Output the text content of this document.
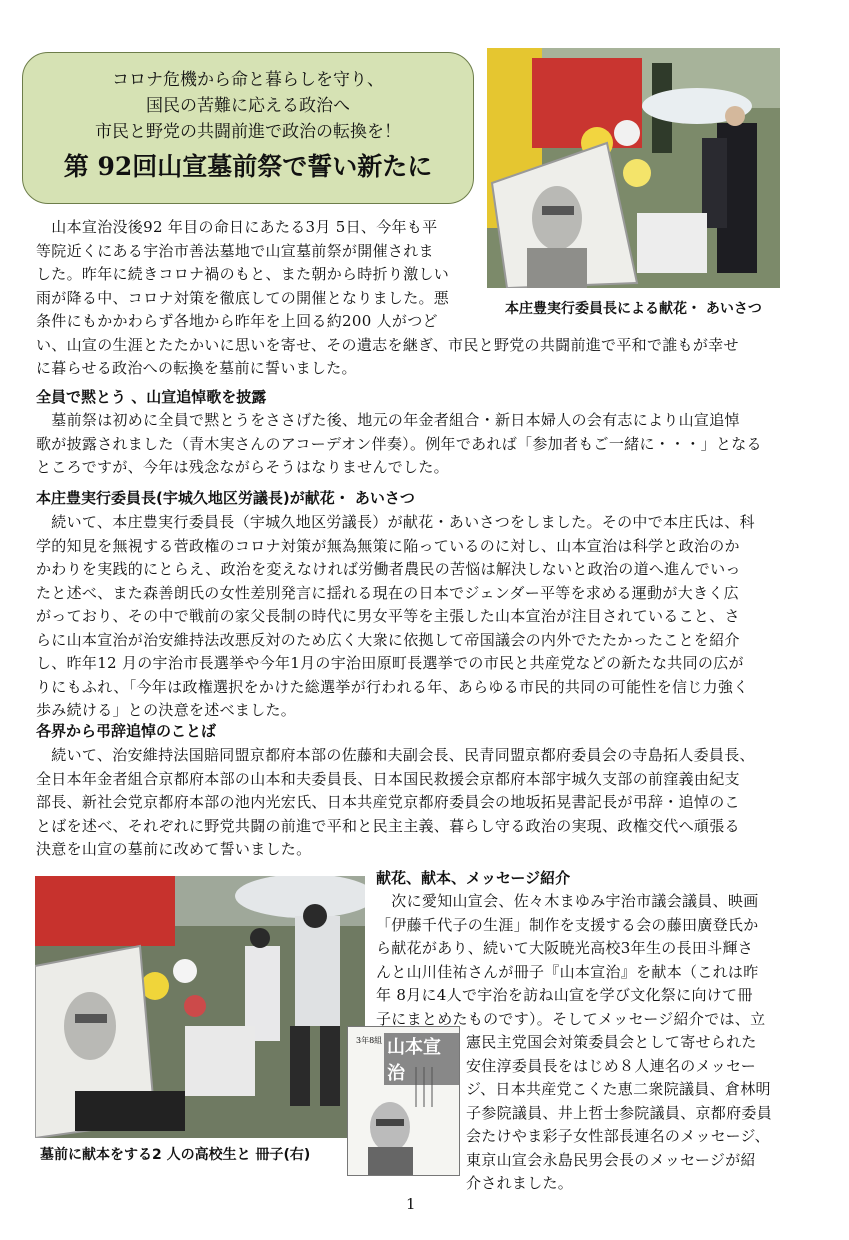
コロナ危機から命と暮らしを守り、
国民の苦難に応える政治へ
市民と野党の共闘前進で政治の転換を！
第 92回山宣墓前祭で誓い新たに
本庄豊実行委員長による献花・ あいさつ
　山本宣治没後92 年目の命日にあたる3月 5日、今年も平
等院近くにある宇治市善法墓地で山宣墓前祭が開催されま
した。昨年に続きコロナ禍のもと、また朝から時折り激しい
雨が降る中、コロナ対策を徹底しての開催となりました。悪
条件にもかかわらず各地から昨年を上回る約200 人がつど
い、山宣の生涯とたたかいに思いを寄せ、その遺志を継ぎ、市民と野党の共闘前進で平和で誰もが幸せ
に暮らせる政治への転換を墓前に誓いました。
全員で黙とう 、山宣追悼歌を披露
　墓前祭は初めに全員で黙とうをささげた後、地元の年金者組合・新日本婦人の会有志により山宣追悼
歌が披露されました（青木実さんのアコーデオン伴奏）。例年であれば「参加者もご一緒に・・・」となる
ところですが、今年は残念ながらそうはなりませんでした。
本庄豊実行委員長(宇城久地区労議長)が献花・ あいさつ
　続いて、本庄豊実行委員長（宇城久地区労議長）が献花・あいさつをしました。その中で本庄氏は、科
学的知見を無視する菅政権のコロナ対策が無為無策に陥っているのに対し、山本宣治は科学と政治のか
かわりを実践的にとらえ、政治を変えなければ労働者農民の苦悩は解決しないと政治の道へ進んでいっ
たと述べ、また森善朗氏の女性差別発言に揺れる現在の日本でジェンダー平等を求める運動が大きく広
がっており、その中で戦前の家父長制の時代に男女平等を主張した山本宣治が注目されていること、さ
らに山本宣治が治安維持法改悪反対のため広く大衆に依拠して帝国議会の内外でたたかったことを紹介
し、昨年12 月の宇治市長選挙や今年1月の宇治田原町長選挙での市民と共産党などの新たな共同の広が
りにもふれ、「今年は政権選択をかけた総選挙が行われる年、あらゆる市民的共同の可能性を信じ力強く
歩み続ける」との決意を述べました。
各界から弔辞追悼のことば
　続いて、治安維持法国賠同盟京都府本部の佐藤和夫副会長、民青同盟京都府委員会の寺島拓人委員長、
全日本年金者組合京都府本部の山本和夫委員長、日本国民救援会京都府本部宇城久支部の前窪義由紀支
部長、新社会党京都府本部の池内光宏氏、日本共産党京都府委員会の地坂拓晃書記長が弔辞・追悼のこ
とばを述べ、それぞれに野党共闘の前進で平和と民主主義、暮らし守る政治の実現、政権交代へ頑張る
決意を山宣の墓前に改めて誓いました。
墓前に献本をする2 人の高校生と 冊子(右)
3年8組 山本宣治
献花、献本、メッセージ紹介
　次に愛知山宣会、佐々木まゆみ宇治市議会議員、映画
「伊藤千代子の生涯」制作を支援する会の藤田廣登氏か
ら献花があり、続いて大阪暁光高校3年生の長田斗輝さ
んと山川佳祐さんが冊子『山本宣治』を献本（これは昨
年 8月に4人で宇治を訪ね山宣を学び文化祭に向けて冊
子にまとめたものです）。そしてメッセージ紹介では、立
憲民主党国会対策委員会として寄せられた
安住淳委員長をはじめ８人連名のメッセー
ジ、日本共産党こくた恵二衆院議員、倉林明
子参院議員、井上哲士参院議員、京都府委員
会たけやま彩子女性部長連名のメッセージ、
東京山宣会永島民男会長のメッセージが紹
介されました。
1
